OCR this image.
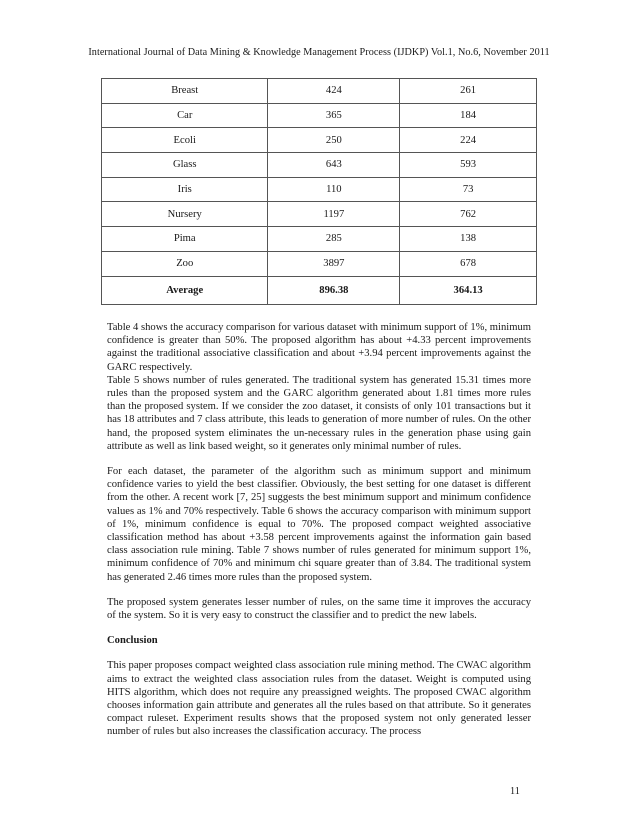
International Journal of Data Mining & Knowledge Management Process (IJDKP) Vol.1, No.6, November 2011
Breast	424	261
Car	365	184
Ecoli	250	224
Glass	643	593
Iris	110	73
Nursery	1197	762
Pima	285	138
Zoo	3897	678
Average	896.38	364.13

Table 4 shows the accuracy comparison for various dataset with minimum support of 1%, minimum confidence is greater than 50%. The proposed algorithm has about +4.33 percent improvements against the traditional associative classification and about +3.94 percent improvements against the GARC respectively.

Table 5 shows number of rules generated. The traditional system has generated 15.31 times more rules than the proposed system and the GARC algorithm generated about 1.81 times more rules than the proposed system. If we consider the zoo dataset, it consists of only 101 transactions but it has 18 attributes and 7 class attribute, this leads to generation of more number of rules. On the other hand, the proposed system eliminates the un-necessary rules in the generation phase using gain attribute as well as link based weight, so it generates only minimal number of rules.

For each dataset, the parameter of the algorithm such as minimum support and minimum confidence varies to yield the best classifier. Obviously, the best setting for one dataset is different from the other. A recent work [7, 25] suggests the best minimum support and minimum confidence values as 1% and 70% respectively. Table 6 shows the accuracy comparison with minimum support of 1%, minimum confidence is equal to 70%. The proposed compact weighted associative classification method has about +3.58 percent improvements against the information gain based class association rule mining. Table 7 shows number of rules generated for minimum support 1%, minimum confidence of 70% and minimum chi square greater than of 3.84. The traditional system has generated 2.46 times more rules than the proposed system.

The proposed system generates lesser number of rules, on the same time it improves the accuracy of the system. So it is very easy to construct the classifier and to predict the new labels.

Conclusion

This paper proposes compact weighted class association rule mining method. The CWAC algorithm aims to extract the weighted class association rules from the dataset. Weight is computed using HITS algorithm, which does not require any preassigned weights. The proposed CWAC algorithm chooses information gain attribute and generates all the rules based on that attribute. So it generates compact ruleset. Experiment results shows that the proposed system not only generated lesser number of rules but also increases the classification accuracy. The process

11
